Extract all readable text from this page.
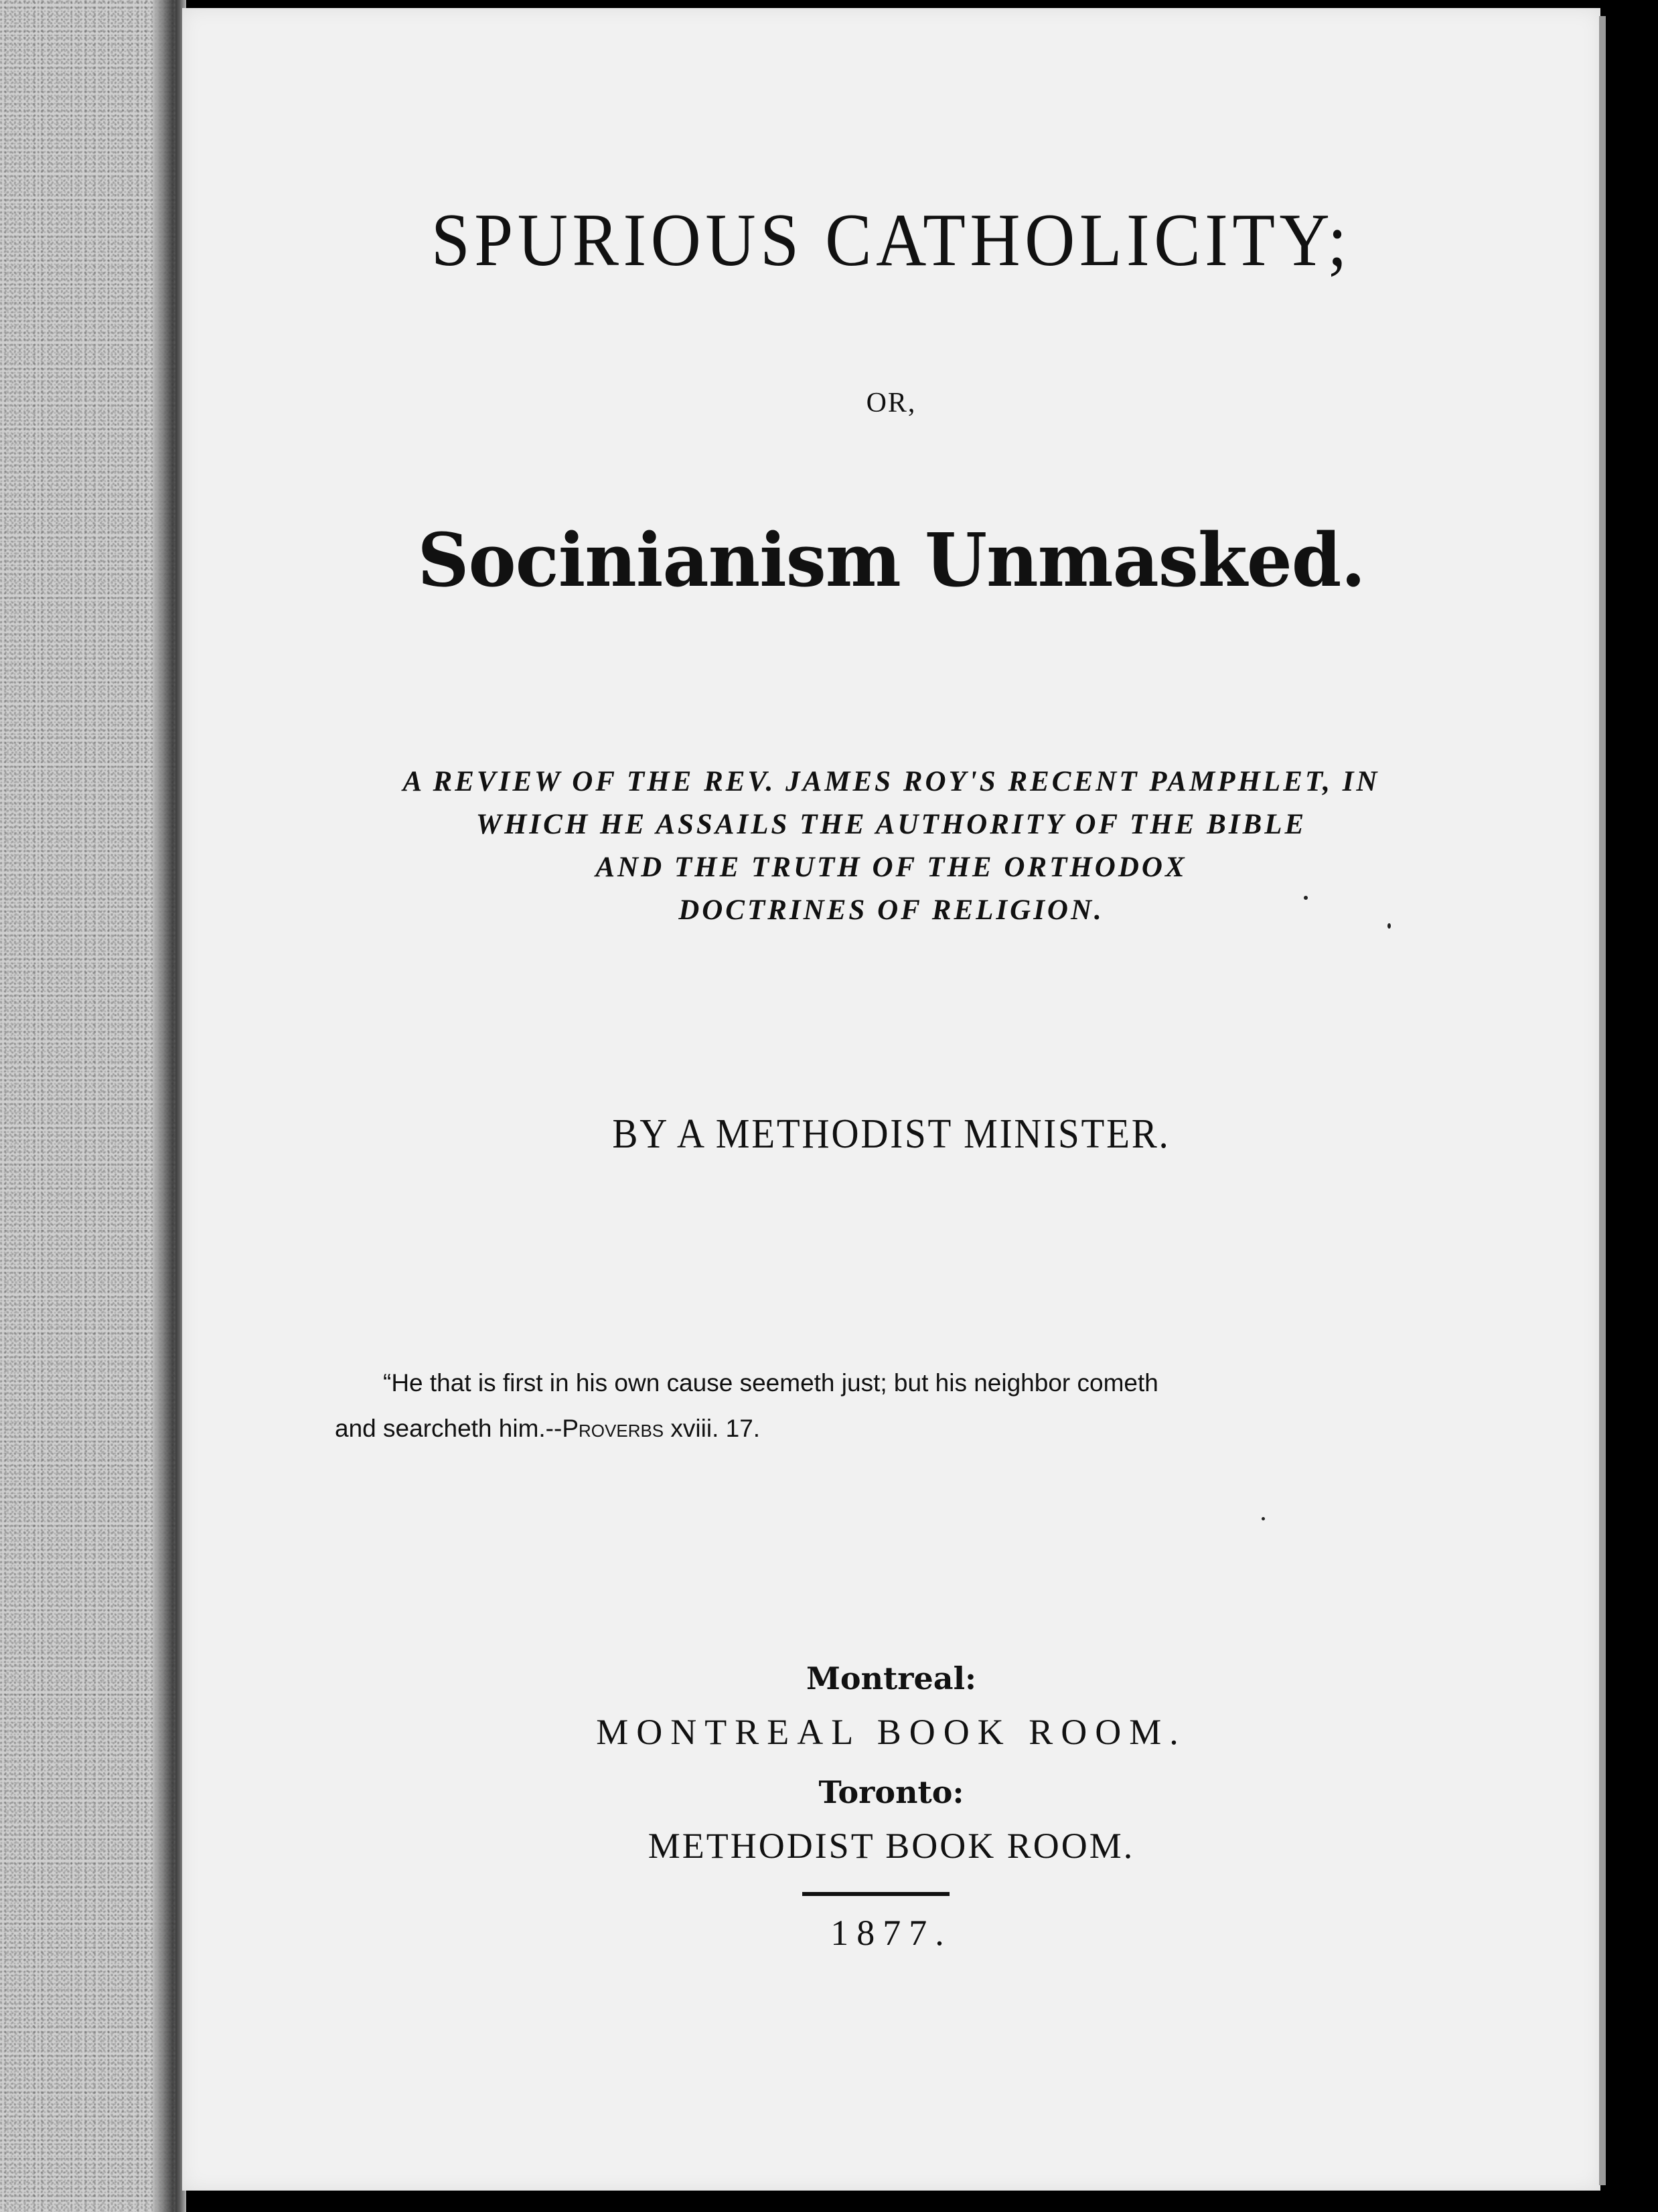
SPURIOUS CATHOLICITY;
OR,
Socinianism Unmasked.
A REVIEW OF THE REV. JAMES ROY'S RECENT PAMPHLET, IN
WHICH HE ASSAILS THE AUTHORITY OF THE BIBLE
AND THE TRUTH OF THE ORTHODOX
DOCTRINES OF RELIGION.
BY A METHODIST MINISTER.
“He that is first in his own cause seemeth just; but his neighbor cometh
and searcheth him.--Proverbs xviii. 17.
Montreal:
MONTREAL BOOK ROOM.
Toronto:
METHODIST BOOK ROOM.
1877.
